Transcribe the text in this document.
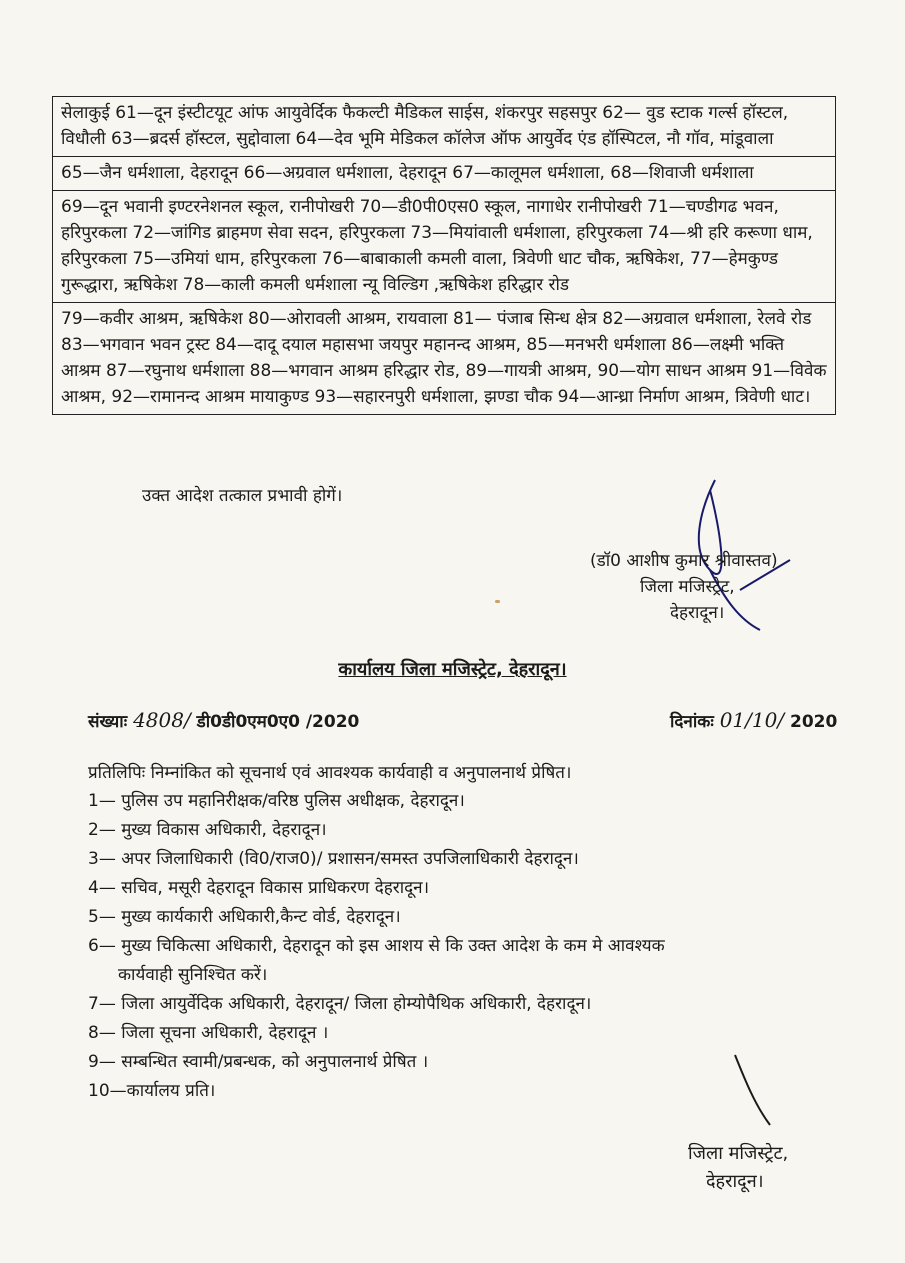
सेलाकुई 61—दून इंस्टीटयूट आंफ आयुवेर्दिक फैकल्टी मैडिकल साईस, शंकरपुर सहसपुर 62— वुड स्टाक गर्ल्स हॉस्टल, विधौली 63—ब्रदर्स हॉस्टल, सुद्दोवाला 64—देव भूमि मेडिकल कॉलेज ऑफ आयुर्वेद एंड हॉस्पिटल, नौ गॉव, मांडूवाला
65—जैन धर्मशाला, देहरादून 66—अग्रवाल धर्मशाला, देहरादून 67—कालूमल धर्मशाला, 68—शिवाजी धर्मशाला
69—दून भवानी इण्टरनेशनल स्कूल, रानीपोखरी 70—डी0पी0एस0 स्कूल, नागाधेर रानीपोखरी 71—चण्डीगढ भवन, हरिपुरकला 72—जांगिड ब्राहमण सेवा सदन, हरिपुरकला 73—मियांवाली धर्मशाला, हरिपुरकला 74—श्री हरि करूणा धाम, हरिपुरकला 75—उमियां धाम, हरिपुरकला 76—बाबाकाली कमली वाला, त्रिवेणी धाट चौक, ऋषिकेश, 77—हेमकुण्ड गुरूद्धारा, ऋषिकेश 78—काली कमली धर्मशाला न्यू विल्डिग ,ऋषिकेश हरिद्धार रोड
79—कवीर आश्रम, ऋषिकेश 80—ओरावली आश्रम, रायवाला 81— पंजाब सिन्ध क्षेत्र 82—अग्रवाल धर्मशाला, रेलवे रोड 83—भगवान भवन ट्रस्ट 84—दादू दयाल महासभा जयपुर महानन्द आश्रम, 85—मनभरी धर्मशाला 86—लक्ष्मी भक्ति आश्रम 87—रघुनाथ धर्मशाला 88—भगवान आश्रम हरिद्धार रोड, 89—गायत्री आश्रम, 90—योग साधन आश्रम 91—विवेक आश्रम, 92—रामानन्द आश्रम मायाकुण्ड 93—सहारनपुरी धर्मशाला, झण्डा चौक 94—आन्ध्रा निर्माण आश्रम, त्रिवेणी धाट।
उक्त आदेश तत्काल प्रभावी होगें।
(डॉ0 आशीष कुमार श्रीवास्तव)
जिला मजिस्ट्रेट,
देहरादून।
कार्यालय जिला मजिस्ट्रेट, देहरादून।
संख्याः 4808/ डी0डी0एम0ए0 /2020	दिनांकः 01/10/ 2020
प्रतिलिपिः निम्नांकित को सूचनार्थ एवं आवश्यक कार्यवाही व अनुपालनार्थ प्रेषित।
1— पुलिस उप महानिरीक्षक/वरिष्ठ पुलिस अधीक्षक, देहरादून।
2— मुख्य विकास अधिकारी, देहरादून।
3— अपर जिलाधिकारी (वि0/राज0)/ प्रशासन/समस्त उपजिलाधिकारी देहरादून।
4— सचिव, मसूरी देहरादून विकास प्राधिकरण देहरादून।
5— मुख्य कार्यकारी अधिकारी,कैन्ट वोर्ड, देहरादून।
6— मुख्य चिकित्सा अधिकारी, देहरादून को इस आशय से कि उक्त आदेश के कम मे आवश्यक
कार्यवाही सुनिश्चित करें।
7— जिला आयुर्वेदिक अधिकारी, देहरादून/ जिला होम्योपैथिक अधिकारी, देहरादून।
8— जिला सूचना अधिकारी, देहरादून ।
9— सम्बन्धित स्वामी/प्रबन्धक, को अनुपालनार्थ प्रेषित ।
10—कार्यालय प्रति।
जिला मजिस्ट्रेट,
देहरादून।
